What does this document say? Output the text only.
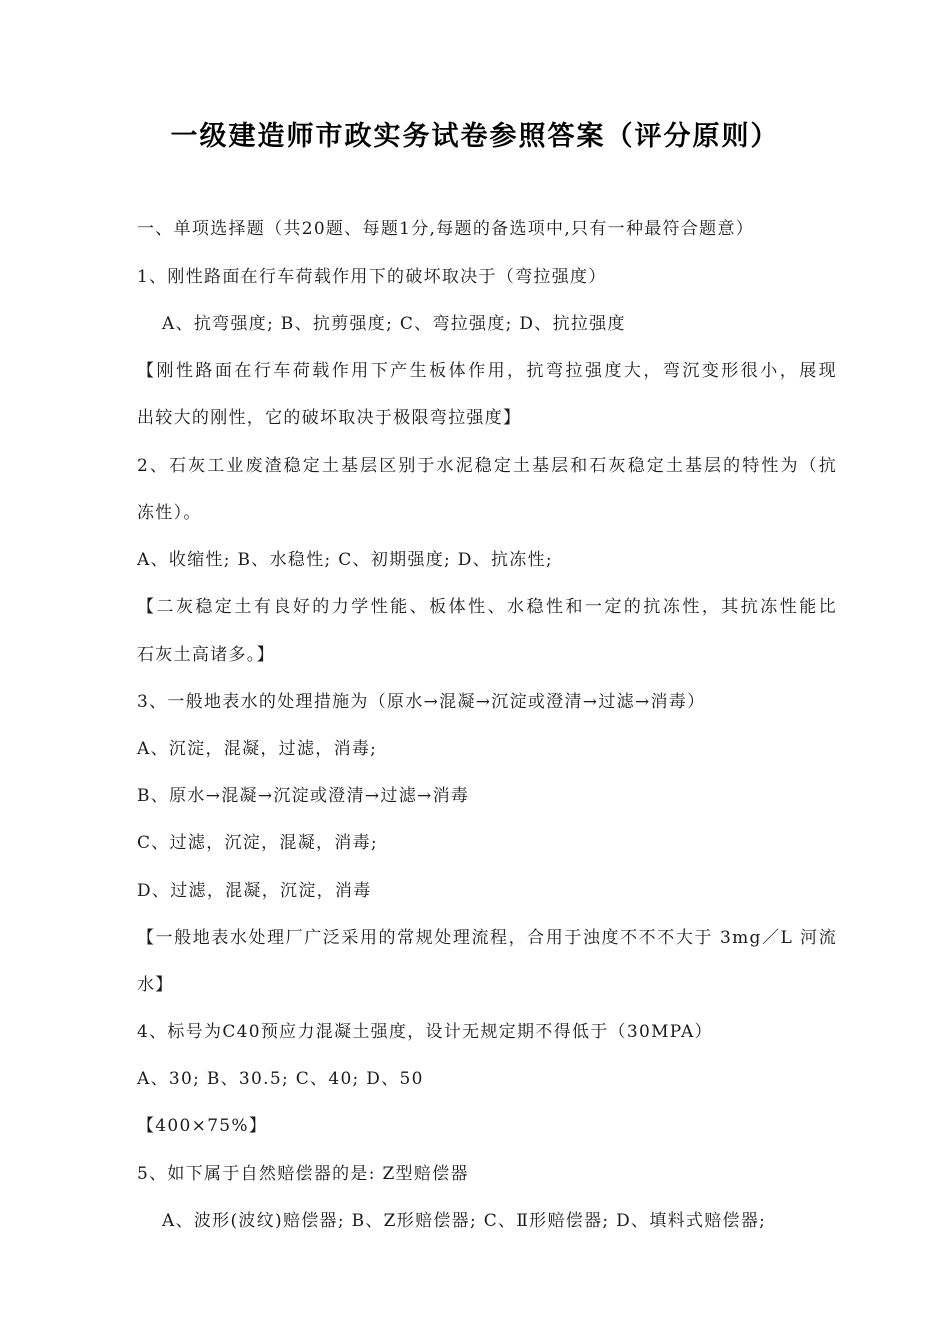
一级建造师市政实务试卷参照答案（评分原则）
一、单项选择题（共20题、每题1分,每题的备选项中,只有一种最符合题意）
1、刚性路面在行车荷载作用下的破坏取决于（弯拉强度）
A、抗弯强度; B、抗剪强度; C、弯拉强度; D、抗拉强度
【刚性路面在行车荷载作用下产生板体作用，抗弯拉强度大，弯沉变形很小，展现
出较大的刚性，它的破坏取决于极限弯拉强度】
2、石灰工业废渣稳定土基层区别于水泥稳定土基层和石灰稳定土基层的特性为（抗
冻性）。
A、收缩性; B、水稳性; C、初期强度; D、抗冻性;
【二灰稳定土有良好的力学性能、板体性、水稳性和一定的抗冻性，其抗冻性能比
石灰土高诸多。】
3、一般地表水的处理措施为（原水→混凝→沉淀或澄清→过滤→消毒）
A、沉淀，混凝，过滤，消毒;
B、原水→混凝→沉淀或澄清→过滤→消毒
C、过滤，沉淀，混凝，消毒;
D、过滤，混凝，沉淀，消毒
【一般地表水处理厂广泛采用的常规处理流程，合用于浊度不不不大于 3mg／L 河流
水】
4、标号为C40预应力混凝土强度，设计无规定期不得低于（30MPA）
A、30; B、30.5; C、40; D、50
【400×75%】
5、如下属于自然赔偿器的是: Z型赔偿器
A、波形(波纹)赔偿器; B、Z形赔偿器; C、Ⅱ形赔偿器; D、填料式赔偿器;
